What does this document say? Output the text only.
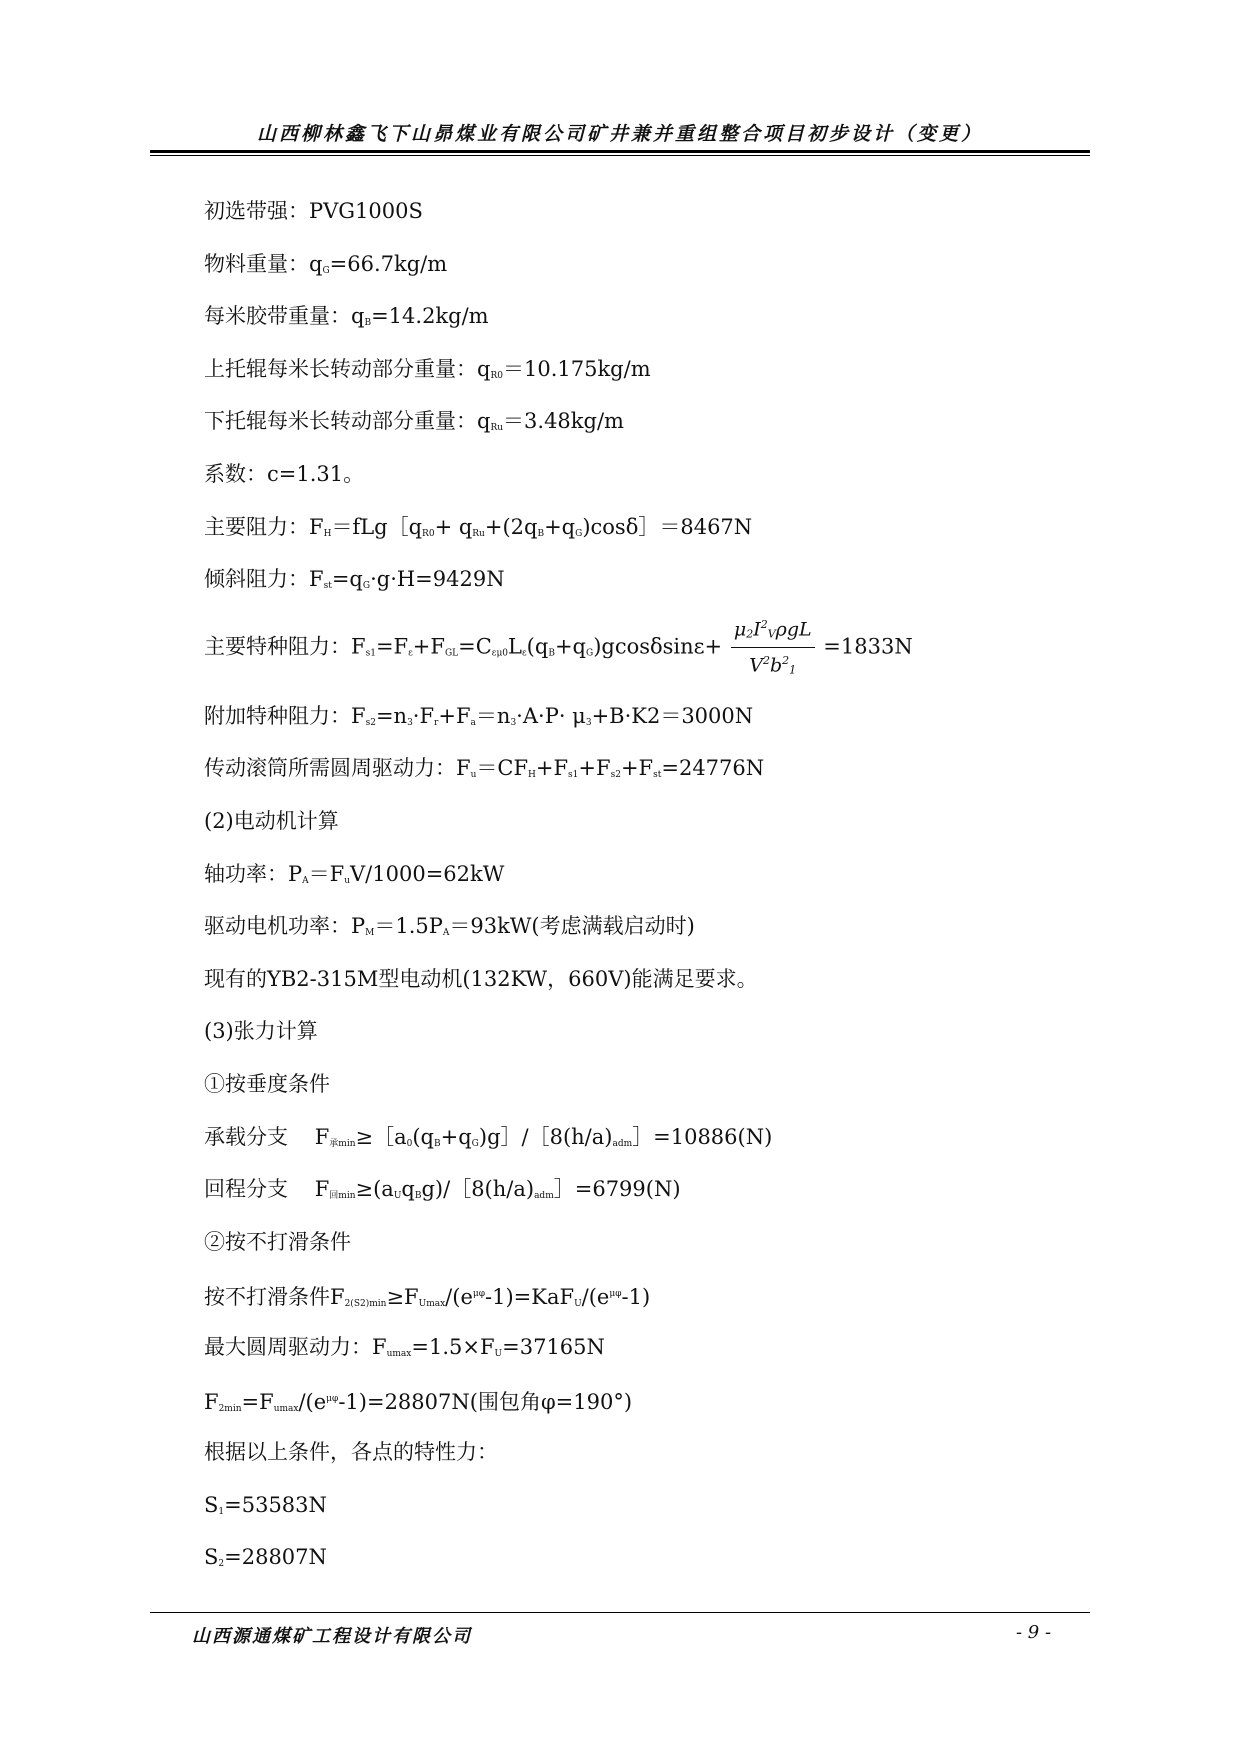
山西柳林鑫飞下山昴煤业有限公司矿井兼并重组整合项目初步设计（变更）
初选带强：PVG1000S
物料重量：$q_G=66.7kg/m$
每米胶带重量：$q_B=14.2kg/m$
上托辊每米长转动部分重量：$q_{R0}=10.175kg/m$
下托辊每米长转动部分重量：$q_{Ru}=3.48kg/m$
系数：c=1.31。
主要阻力：$F_H=fLg[q_{R0}+$ $q_{Ru}+(2q_B+q_G)\cos\delta]=8467N$
倾斜阻力：$F_{st}=q_G\cdot g\cdot H=9429N$
主要特种阻力：$F_{s1}=F_\varepsilon+F_{GL}=C_{\varepsilon\mu 0}L_\varepsilon(q_B+q_G)gcos\delta\sin\varepsilon+ \frac{\mu_2I^2_V\rho gL}{V^2b^2_1} =1833N$
附加特种阻力：$F_{s2}=n_3\cdot F_r+F_a=n_3\cdot A\cdot P\cdot \mu_3+B\cdot K2=3000N$
传动滚筒所需圆周驱动力：$F_u=CF_H+F_{s1}+F_{s2}+F_{st}=24776N$
(2)电动机计算
轴功率：$P_A=F_uV/1000=62kW$
驱动电机功率：$P_M=1.5P_A=93kW$(考虑满载启动时)
现有的YB2-315M型电动机(132KW，660V)能满足要求。
(3)张力计算
①按垂度条件
承载分支    $F_{承min}\ge[a_0(q_B+q_G)g]/[8(h/a)_{adm}]=10886(N)$
回程分支    $F_{回min}\ge(a_Uq_Bg)/[8(h/a)_{adm}]=6799(N)$
②按不打滑条件
按不打滑条件$F_{2(S2)min}\ge F_{Umax}/(e^{\mu\varphi}-1)=KaF_U/(e^{\mu\varphi}-1)$
最大圆周驱动力：$F_{umax}=1.5\times F_U=37165N$
$F_{2min}=F_{umax}/(e^{\mu\varphi}-1)=28807N$(围包角φ=190°)
根据以上条件，各点的特性力：
$S_1=53583N$
$S_2=28807N$
山西源通煤矿工程设计有限公司	- 9 -
